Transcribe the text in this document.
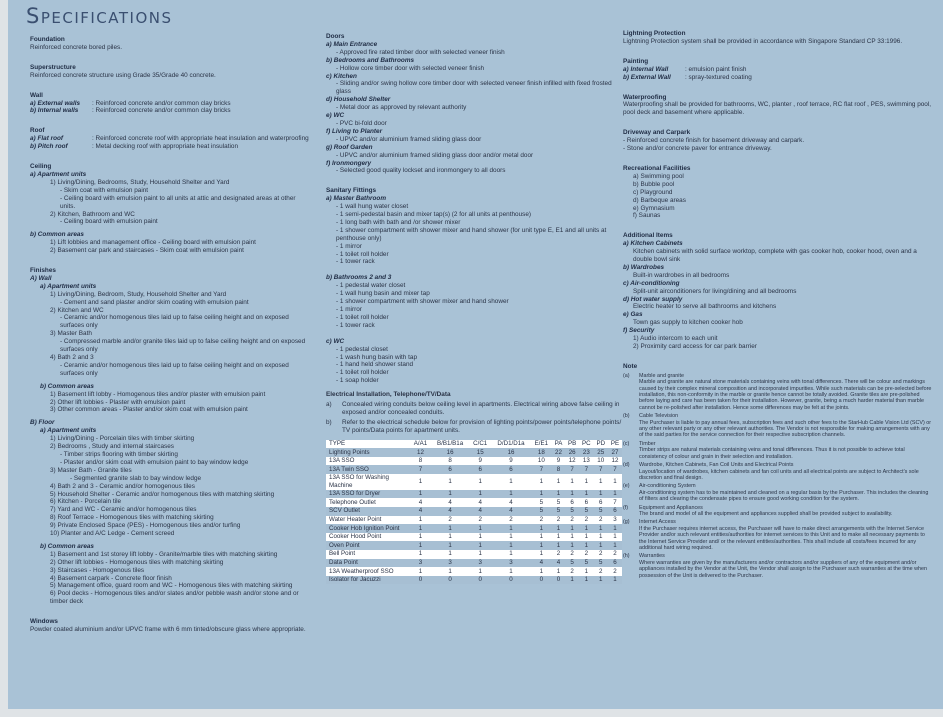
Specifications
Foundation
Reinforced concrete bored piles.
Superstructure
Reinforced concrete structure using Grade 35/Grade 40 concrete.
Wall
a) External walls	: Reinforced concrete and/or common clay bricks
b) Internal walls	: Reinforced concrete and/or common clay bricks
Roof
a) Flat roof	: Reinforced concrete roof with appropriate heat insulation and waterproofing
b) Pitch roof	: Metal decking roof with appropriate heat insulation
Ceiling
a) Apartment units
1) Living/Dining, Bedrooms, Study, Household Shelter and Yard
- Skim coat with emulsion paint
- Ceiling board with emulsion paint to all units at attic and designated areas at other units.
2) Kitchen, Bathroom and WC
- Ceiling board with emulsion paint
b) Common areas
1) Lift lobbies and management office - Ceiling board with emulsion paint
2) Basement car park and staircases - Skim coat with emulsion paint
Finishes
A) Wall
a) Apartment units
1) Living/Dining, Bedroom, Study, Household Shelter and Yard
- Cement and sand plaster and/or skim coating with emulsion paint
2) Kitchen and WC
- Ceramic and/or homogenous tiles laid up to false ceiling height and on exposed surfaces only
3) Master Bath
- Compressed marble and/or granite tiles laid up to false ceiling height and on exposed surfaces only
4) Bath 2 and 3
- Ceramic and/or homogenous tiles laid up to false ceiling height and on exposed surfaces only
b) Common areas
1) Basement lift lobby - Homogenous tiles and/or plaster with emulsion paint
2) Other lift lobbies - Plaster with emulsion paint
3) Other common areas - Plaster and/or skim coat with emulsion paint
B) Floor
a) Apartment units
1) Living/Dining - Porcelain tiles with timber skirting
2) Bedrooms , Study and internal staircases
- Timber strips flooring with timber skirting
- Plaster and/or skim coat with emulsion paint to bay window ledge
3) Master Bath - Granite tiles
- Segmented granite slab to bay window ledge
4) Bath 2 and 3 - Ceramic and/or homogenous tiles
5) Household Shelter - Ceramic and/or homogenous tiles with matching skirting
6) Kitchen - Porcelain tile
7) Yard and WC - Ceramic and/or homogenous tiles
8) Roof Terrace - Homogenous tiles with matching skirting
9) Private Enclosed Space (PES) - Homogenous tiles and/or turfing
10) Planter and A/C Ledge - Cement screed
b) Common areas
1) Basement and 1st storey lift lobby - Granite/marble tiles with matching skirting
2) Other lift lobbies - Homogenous tiles with matching skirting
3) Staircases - Homogenous tiles
4) Basement carpark - Concrete floor finish
5) Management office, guard room and WC - Homogenous tiles with matching skirting
6) Pool decks - Homogenous tiles and/or slates and/or pebble wash and/or stone and or timber deck
Windows
Powder coated aluminium and/or UPVC frame with 6 mm tinted/obscure glass where appropriate.
Doors
a) Main Entrance
- Approved fire rated timber door with selected veneer finish
b) Bedrooms and Bathrooms
- Hollow core timber door with selected veneer finish
c) Kitchen
- Sliding and/or swing hollow core timber door with selected veneer finish infilled with fixed frosted glass
d) Household Shelter
- Metal door as approved by relevant authority
e) WC
- PVC bi-fold door
f) Living to Planter
- UPVC and/or aluminium framed sliding glass door
g) Roof Garden
- UPVC and/or aluminium framed sliding glass door and/or metal door
f) Ironmongery
- Selected good quality lockset and ironmongery to all doors
Sanitary Fittings
a) Master Bathroom
- 1 wall hung water closet
- 1 semi-pedestal basin and mixer tap(s) (2 for all units at penthouse)
- 1 long bath with bath and /or shower mixer
- 1 shower compartment with shower mixer and hand shower (for unit type E, E1 and all units at penthouse only)
- 1 mirror
- 1 toilet roll holder
- 1 tower rack
b) Bathrooms 2 and 3
- 1 pedestal water closet
- 1 wall hung basin and mixer tap
- 1 shower compartment with shower mixer and hand shower
- 1 mirror
- 1 toilet roll holder
- 1 tower rack
c) WC
- 1 pedestal closet
- 1 wash hung basin with tap
- 1 hand held shower stand
- 1 toilet roll holder
- 1 soap holder
Electrical Installation, Telephone/TV/Data
a)	Concealed wiring conduits below ceiling level in apartments. Electrical wiring above false ceiling in exposed and/or concealed conduits.
b)	Refer to the electrical schedule below for provision of lighting points/power points/telephone points/ TV points/Data points for apartment units.
TYPE	A/A1	B/B1/B1a	C/C1	D/D1/D1a	E/E1	PA	PB	PC	PD	PE
Lighting Points	12	16	15	16	18	22	26	23	25	27
13A SSO	8	8	9	9	10	9	12	13	10	12
13A Twin SSO	7	6	6	6	7	8	7	7	7	7
13A SSO for Washing Machine	1	1	1	1	1	1	1	1	1	1
13A SSO for Dryer	1	1	1	1	1	1	1	1	1	1
Telephone Outlet	4	4	4	4	5	5	6	6	6	7
SCV Outlet	4	4	4	4	5	5	5	5	5	6
Water Heater Point	1	2	2	2	2	2	2	2	2	3
Cooker Hob Ignition Point	1	1	1	1	1	1	1	1	1	1
Cooker Hood Point	1	1	1	1	1	1	1	1	1	1
Oven Point	1	1	1	1	1	1	1	1	1	1
Bell Point	1	1	1	1	1	2	2	2	2	2
Data Point	3	3	3	3	4	4	5	5	5	6
13A Weatherproof SSO	1	1	1	1	1	1	2	1	2	2
Isolator for Jacuzzi	0	0	0	0	0	0	1	1	1	1
Lightning Protection
Lightning Protection system shall be provided in accordance with Singapore Standard CP 33:1996.
Painting
a) Internal Wall	: emulsion paint finish
b) External Wall	: spray-textured coating
Waterproofing
Waterproofing shall be provided for bathrooms, WC, planter , roof terrace, RC flat roof , PES, swimming pool, pool deck and basement where applicable.
Driveway and Carpark
- Reinforced concrete finish for basement driveway and carpark.
- Stone and/or concrete paver for entrance driveway.
Recreational Facilities
a) Swimming pool
b) Bubble pool
c) Playground
d) Barbeque areas
e) Gymnasium
f) Saunas
Additional Items
a) Kitchen Cabinets
Kitchen cabinets with solid surface worktop, complete with gas cooker hob, cooker hood, oven and a double bowl sink
b) Wardrobes
Built-in wardrobes in all bedrooms
c) Air-conditioning
Split-unit airconditioners for living/dining and all bedrooms
d) Hot water supply
Electric heater to serve all bathrooms and kitchens
e) Gas
Town gas supply to kitchen cooker hob
f) Security
1) Audio intercom to each unit
2) Proximity card access for car park barrier
Note
(a)	Marble and granite
Marble and granite are natural stone materials containing veins with tonal differences. There will be colour and markings caused by their complex mineral composition and incorporated impurities. While such materials can be pre-selected before installation, this non-conformity in the marble or granite hence cannot be totally avoided. Granite tiles are pre-polished before laying and care has been taken for their installation. However, granite, being a much harder material than marble cannot be re-polished after installation. Hence some differences may be felt at the joints.
(b)	Cable Television
The Purchaser is liable to pay annual fees, subscription fees and such other fees to the StarHub Cable Vision Ltd (SCV) or any other relevant party or any other relevant authorities. The Vendor is not responsible for making arrangements with any of the said parties for the service connection for their respective subscription channels.
(c)	Timber
Timber strips are natural materials containing veins and tonal differences. Thus it is not possible to achieve total consistency of colour and grain in their selection and installation.
(d)	Wardrobe, Kitchen Cabinets, Fan Coil Units and Electrical Points
Layout/location of wardrobes, kitchen cabinets and fan coil units and all electrical points are subject to Architect's sole discretion and final design.
(e)	Air-conditioning System
Air-conditioning system has to be maintained and cleaned on a regular basis by the Purchaser. This includes the cleaning of filters and clearing the condensate pipes to ensure good working condition for the system.
(f)	Equipment and Appliances
The brand and model of all the equipment and appliances supplied shall be provided subject to availability.
(g)	Internet Access
If the Purchaser requires internet access, the Purchaser will have to make direct arrangements with the Internet Service Provider and/or such relevant entities/authorities for internet services to this Unit and to make all necessary payments to the Internet Service Provider and/ or the relevant entities/authorities. This shall include all costs/fees incurred for any additional hard wiring required.
(h)	Warranties
Where warranties are given by the manufacturers and/or contractors and/or suppliers of any of the equipment and/or appliances installed by the Vendor at the Unit, the Vendor shall assign to the Purchaser such warranties at the time when possession of the Unit is delivered to the Purchaser.
